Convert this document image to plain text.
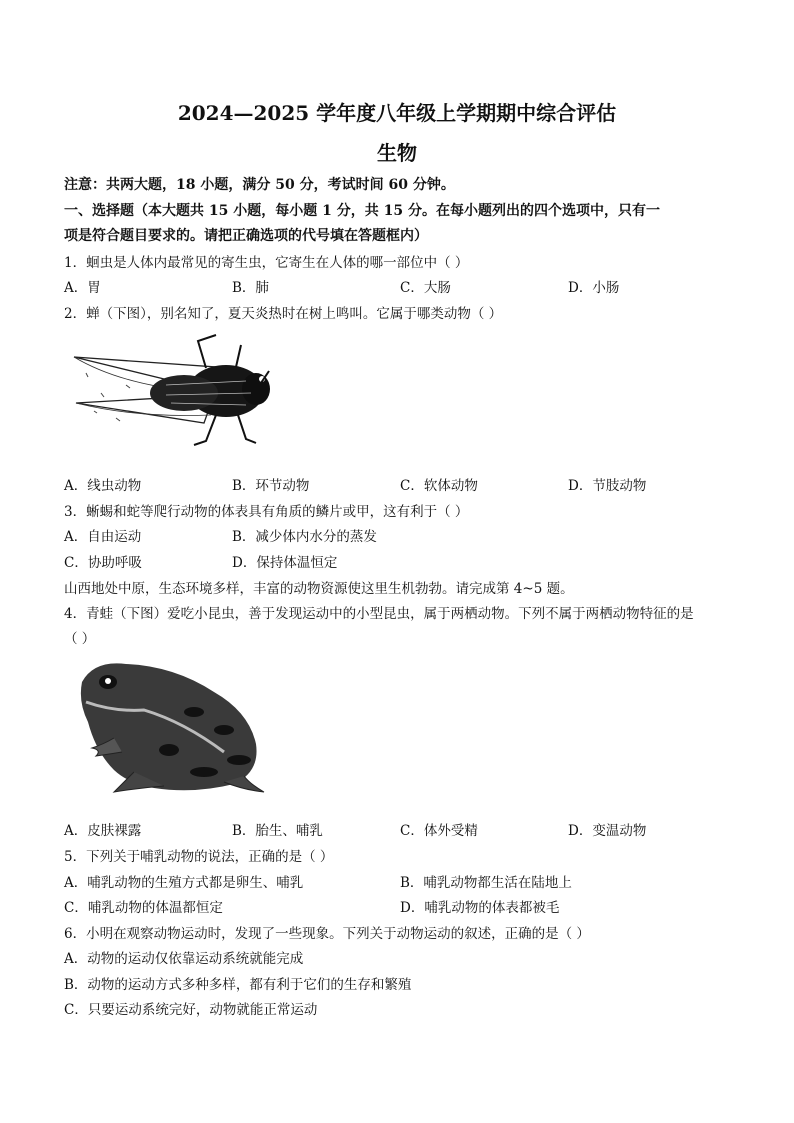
2024—2025 学年度八年级上学期期中综合评估
生物
注意：共两大题，18 小题，满分 50 分，考试时间 60 分钟。
一、选择题（本大题共 15 小题，每小题 1 分，共 15 分。在每小题列出的四个选项中，只有一
项是符合题目要求的。请把正确选项的代号填在答题框内）
1．蛔虫是人体内最常见的寄生虫，它寄生在人体的哪一部位中（ ）
A．胃	B．肺	C．大肠	D．小肠
2．蝉（下图），别名知了，夏天炎热时在树上鸣叫。它属于哪类动物（ ）
A．线虫动物	B．环节动物	C．软体动物	D．节肢动物
3．蜥蜴和蛇等爬行动物的体表具有角质的鳞片或甲，这有利于（ ）
A．自由运动	B．减少体内水分的蒸发
C．协助呼吸	D．保持体温恒定
山西地处中原，生态环境多样，丰富的动物资源使这里生机勃勃。请完成第 4~5 题。
4．青蛙（下图）爱吃小昆虫，善于发现运动中的小型昆虫，属于两栖动物。下列不属于两栖动物特征的是
（ ）
A．皮肤裸露	B．胎生、哺乳	C．体外受精	D．变温动物
5．下列关于哺乳动物的说法，正确的是（ ）
A．哺乳动物的生殖方式都是卵生、哺乳	B．哺乳动物都生活在陆地上
C．哺乳动物的体温都恒定	D．哺乳动物的体表都被毛
6．小明在观察动物运动时，发现了一些现象。下列关于动物运动的叙述，正确的是（ ）
A．动物的运动仅依靠运动系统就能完成
B．动物的运动方式多种多样，都有利于它们的生存和繁殖
C．只要运动系统完好，动物就能正常运动
